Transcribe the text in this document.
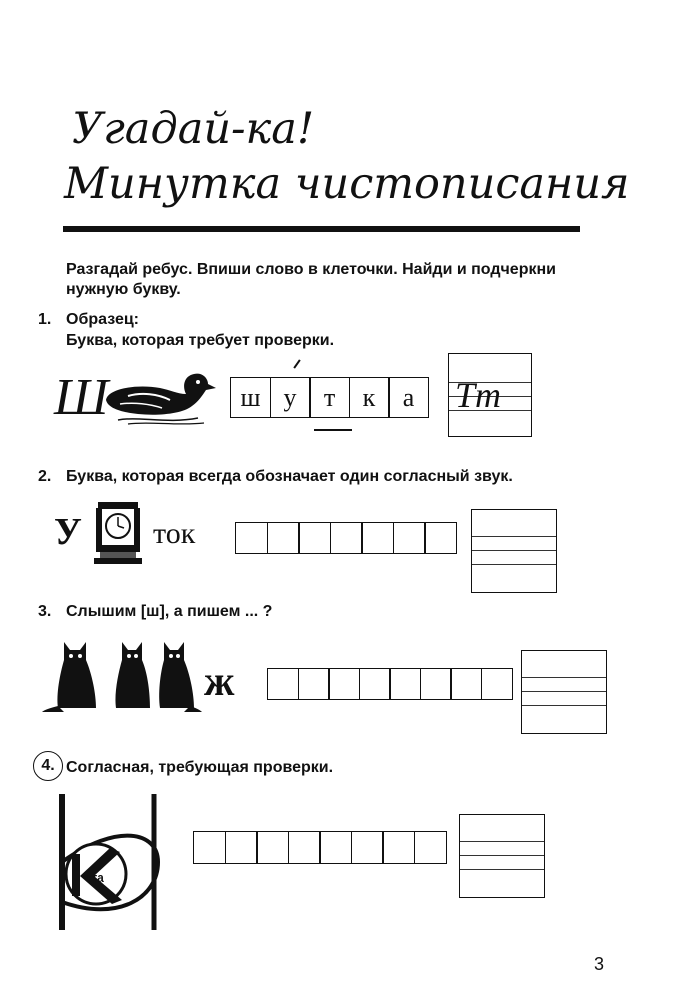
Угадай-ка!
Минутка чистописания
Разгадай ребус. Впиши слово в клеточки. Найди и подчеркни
нужную букву.
1. Образец:
Буква, которая требует проверки.
Ш	ш у	т	к	а	Тт
2. Буква, которая всегда обозначает один согласный звук.
У ток
3. Слышим [ш], а пишем ... ?
ж
4. Согласная, требующая проверки.
ста
3
